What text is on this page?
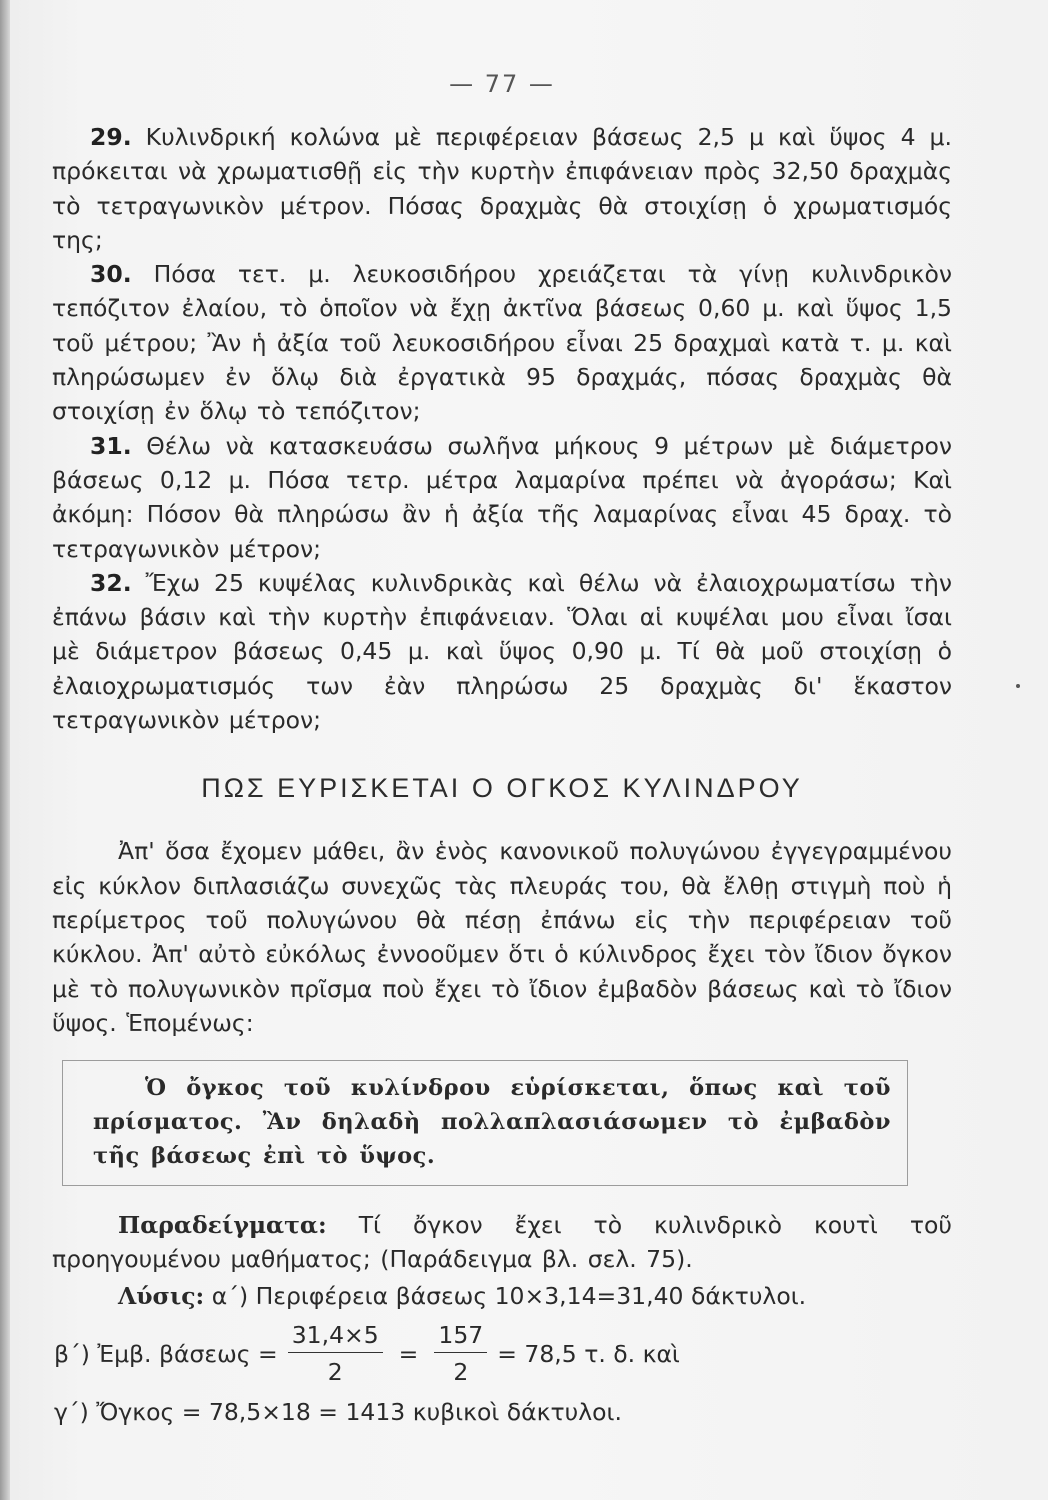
— 77 —

29. Κυλινδρική κολώνα μὲ περιφέρειαν βάσεως 2,5 μ καὶ ὕψος 4 μ. πρόκειται νὰ χρωματισθῇ εἰς τὴν κυρτὴν ἐπιφάνειαν πρὸς 32,50 δραχμὰς τὸ τετραγωνικὸν μέτρον. Πόσας δραχμὰς θὰ στοιχίσῃ ὁ χρωματισμός της;

30. Πόσα τετ. μ. λευκοσιδήρου χρειάζεται τὰ γίνῃ κυλινδρικὸν τεπόζιτον ἐλαίου, τὸ ὁποῖον νὰ ἔχῃ ἀκτῖνα βάσεως 0,60 μ. καὶ ὕψος 1,5 τοῦ μέτρου; Ἂν ἡ ἀξία τοῦ λευκοσιδήρου εἶναι 25 δραχμαὶ κατὰ τ. μ. καὶ πληρώσωμεν ἐν ὅλῳ διὰ ἐργατικὰ 95 δραχμάς, πόσας δραχμὰς θὰ στοιχίσῃ ἐν ὅλῳ τὸ τεπόζιτον;

31. Θέλω νὰ κατασκευάσω σωλῆνα μήκους 9 μέτρων μὲ διάμετρον βάσεως 0,12 μ. Πόσα τετρ. μέτρα λαμαρίνα πρέπει νὰ ἀγοράσω; Καὶ ἀκόμη: Πόσον θὰ πληρώσω ἂν ἡ ἀξία τῆς λαμαρίνας εἶναι 45 δραχ. τὸ τετραγωνικὸν μέτρον;

32. Ἔχω 25 κυψέλας κυλινδρικὰς καὶ θέλω νὰ ἐλαιοχρωματίσω τὴν ἐπάνω βάσιν καὶ τὴν κυρτὴν ἐπιφάνειαν. Ὅλαι αἱ κυψέλαι μου εἶναι ἴσαι μὲ διάμετρον βάσεως 0,45 μ. καὶ ὕψος 0,90 μ. Τί θὰ μοῦ στοιχίσῃ ὁ ἐλαιοχρωματισμός των ἐὰν πληρώσω 25 δραχμὰς δι' ἕκαστον τετραγωνικὸν μέτρον;

ΠΩΣ ΕΥΡΙΣΚΕΤΑΙ Ο ΟΓΚΟΣ ΚΥΛΙΝΔΡΟΥ

Ἀπ' ὅσα ἔχομεν μάθει, ἂν ἑνὸς κανονικοῦ πολυγώνου ἐγγεγραμμένου εἰς κύκλον διπλασιάζω συνεχῶς τὰς πλευράς του, θὰ ἔλθῃ στιγμὴ ποὺ ἡ περίμετρος τοῦ πολυγώνου θὰ πέσῃ ἐπάνω εἰς τὴν περιφέρειαν τοῦ κύκλου. Ἀπ' αὐτὸ εὐκόλως ἐννοοῦμεν ὅτι ὁ κύλινδρος ἔχει τὸν ἴδιον ὄγκον μὲ τὸ πολυγωνικὸν πρῖσμα ποὺ ἔχει τὸ ἴδιον ἐμβαδὸν βάσεως καὶ τὸ ἴδιον ὕψος. Ἑπομένως:

Ὁ ὄγκος τοῦ κυλίνδρου εὑρίσκεται, ὅπως καὶ τοῦ πρίσματος. Ἂν δηλαδὴ πολλαπλασιάσωμεν τὸ ἐμβαδὸν τῆς βάσεως ἐπὶ τὸ ὕψος.

Παραδείγματα: Τί ὄγκον ἔχει τὸ κυλινδρικὸ κουτὶ τοῦ προηγουμένου μαθήματος; (Παράδειγμα βλ. σελ. 75).

Λύσις: α΄) Περιφέρεια βάσεως 10×3,14=31,40 δάκτυλοι.

β΄) Ἐμβ. $\beta ά\sigma\varepsilon\omega\varsigma = \frac{31,4\times 5}{2} = \frac{157}{2} = 78,5$ τ. δ. καὶ

γ΄) Ὄγκος = 78,5×18 = 1413 κυβικοὶ δάκτυλοι.
